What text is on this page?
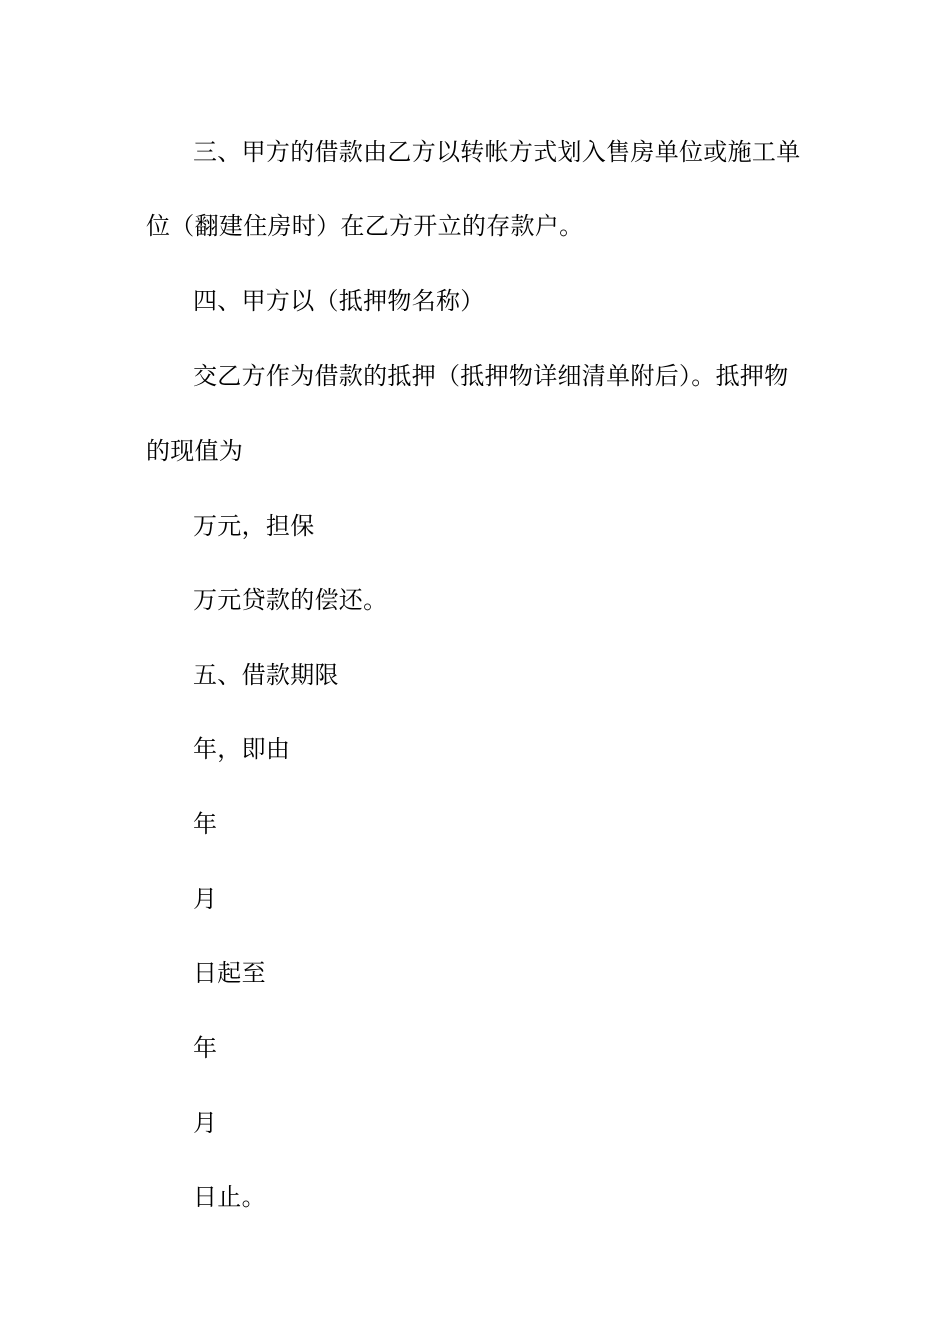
三、甲方的借款由乙方以转帐方式划入售房单位或施工单
位（翻建住房时）在乙方开立的存款户。
四、甲方以（抵押物名称）
交乙方作为借款的抵押（抵押物详细清单附后）。抵押物
的现值为
万元，担保
万元贷款的偿还。
五、借款期限
年，即由
年
月
日起至
年
月
日止。
